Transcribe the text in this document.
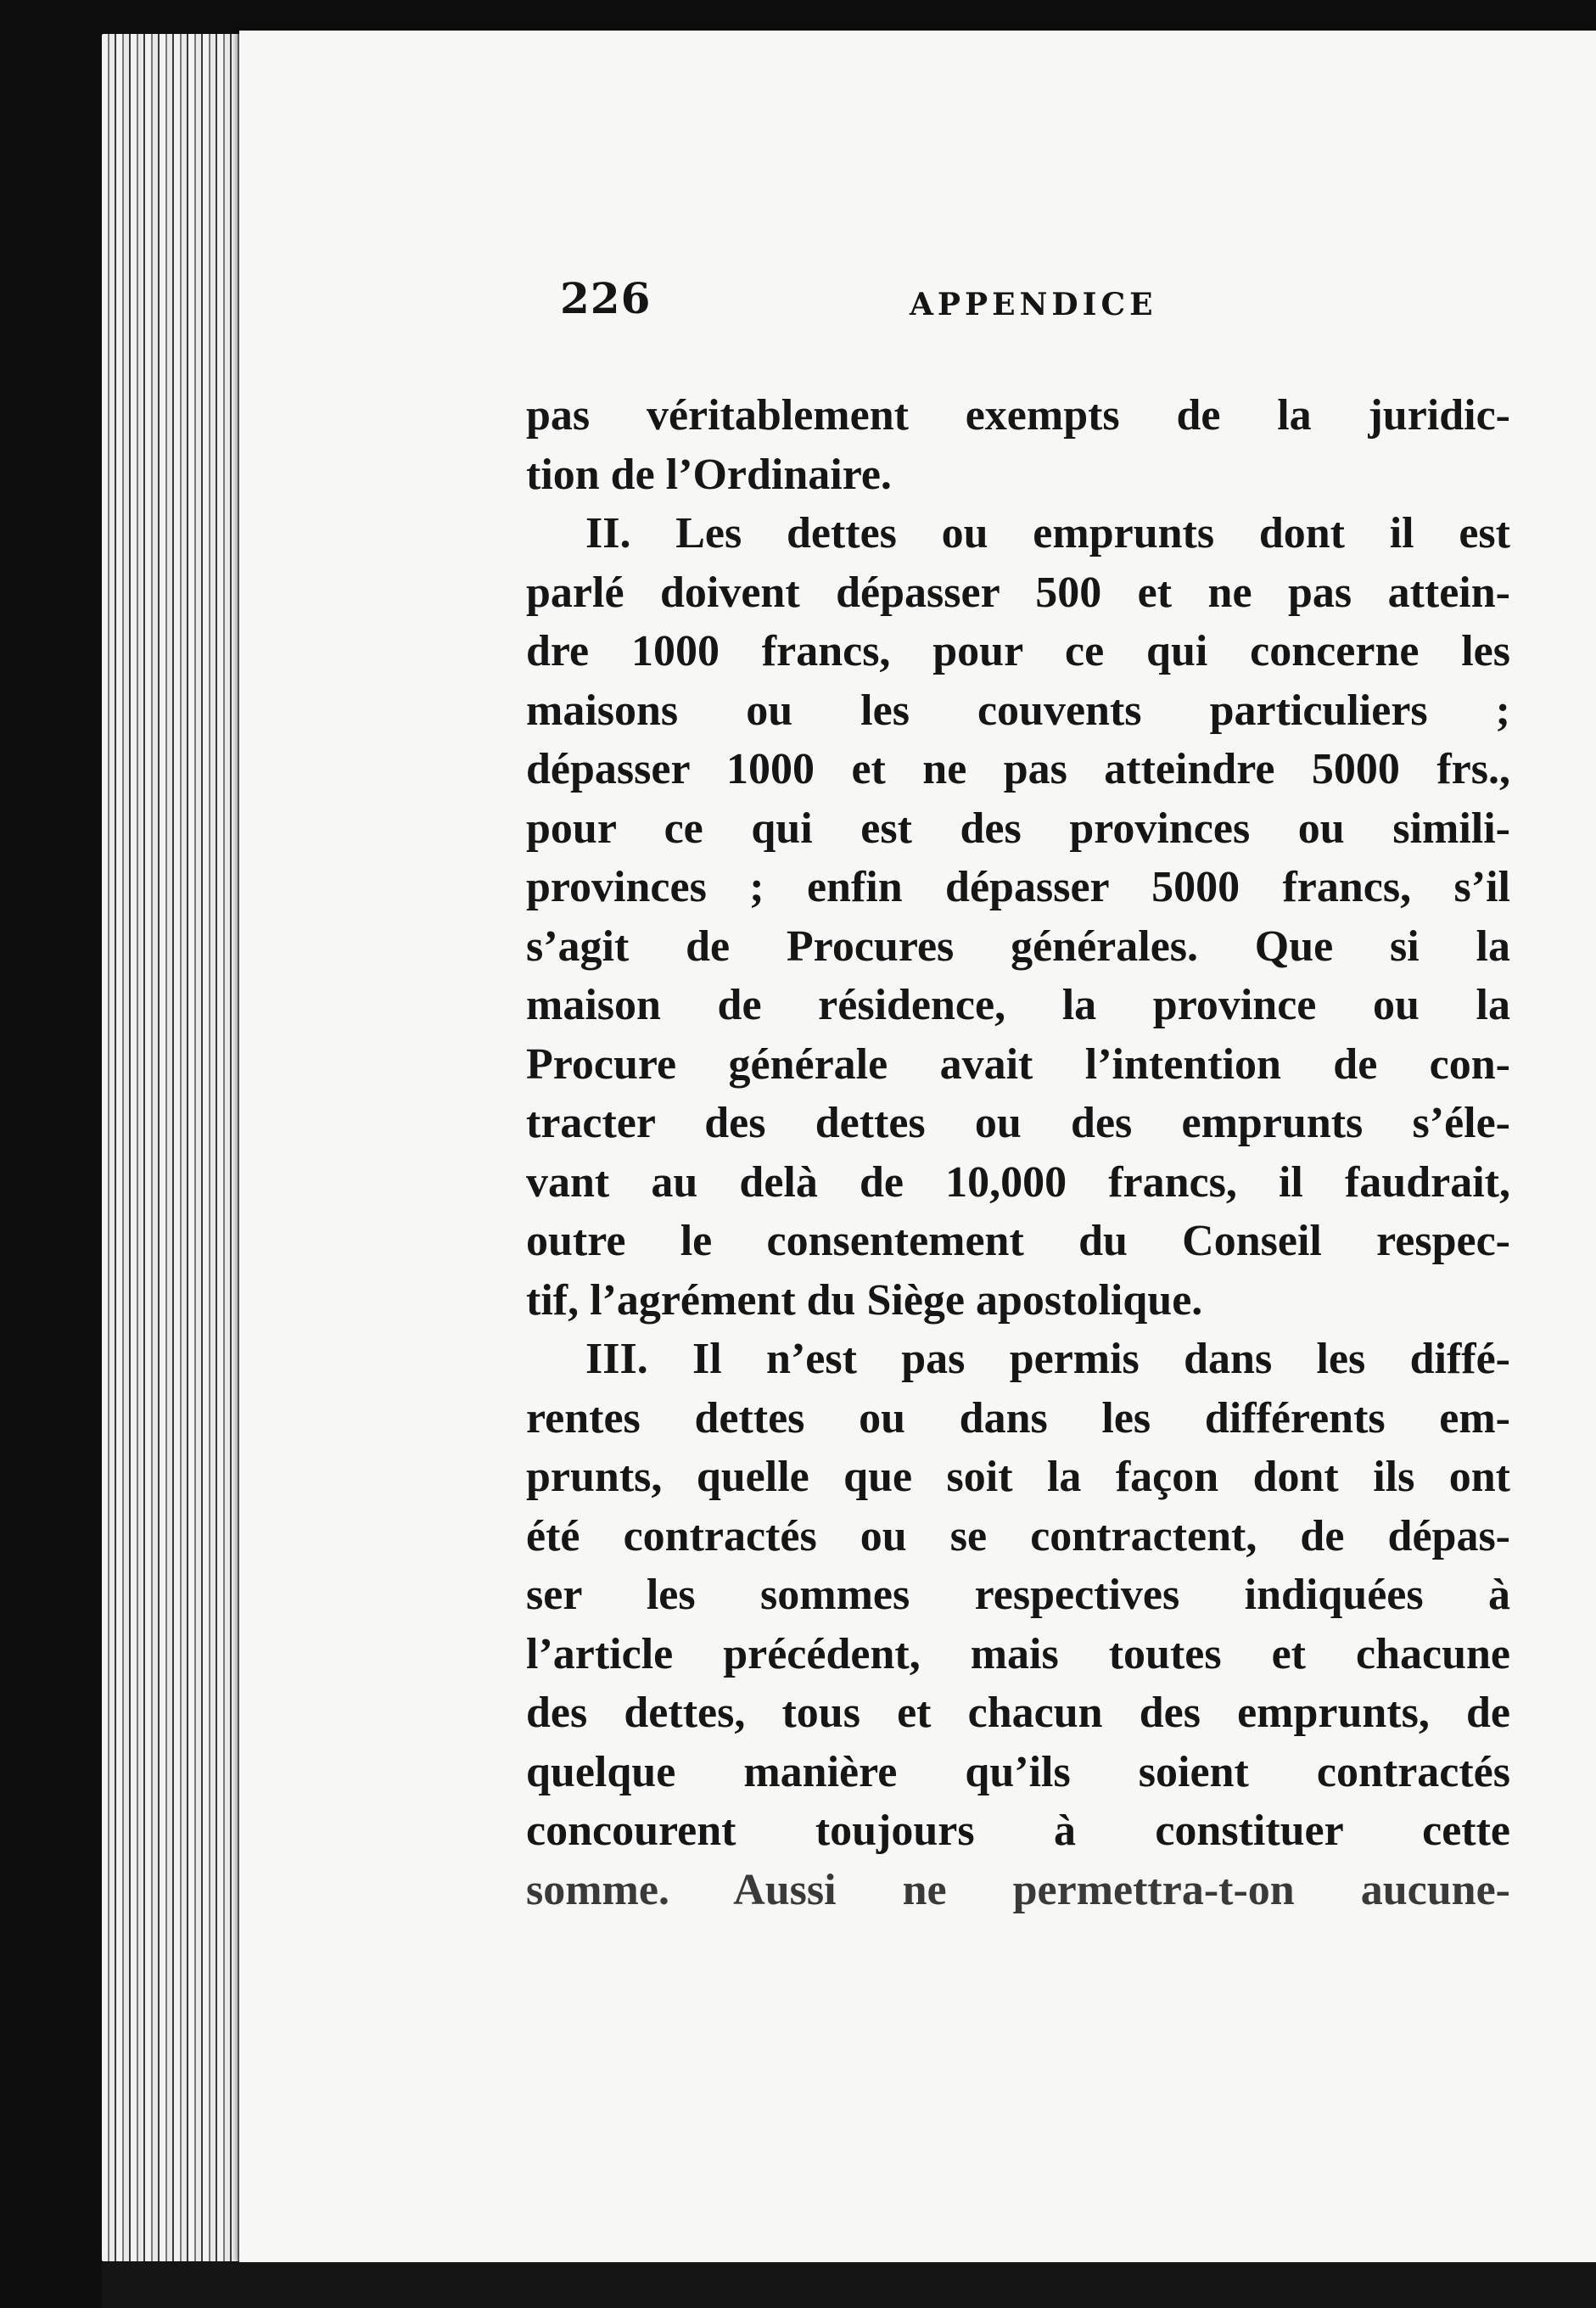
226	APPENDICE
pas véritablement exempts de la juridic-
tion de l’Ordinaire.
II. Les dettes ou emprunts dont il est
parlé doivent dépasser 500 et ne pas attein-
dre 1000 francs, pour ce qui concerne les
maisons ou les couvents particuliers ;
dépasser 1000 et ne pas atteindre 5000 frs.,
pour ce qui est des provinces ou simili-
provinces ; enfin dépasser 5000 francs, s’il
s’agit de Procures générales. Que si la
maison de résidence, la province ou la
Procure générale avait l’intention de con-
tracter des dettes ou des emprunts s’éle-
vant au delà de 10,000 francs, il faudrait,
outre le consentement du Conseil respec-
tif, l’agrément du Siège apostolique.
III. Il n’est pas permis dans les diffé-
rentes dettes ou dans les différents em-
prunts, quelle que soit la façon dont ils ont
été contractés ou se contractent, de dépas-
ser les sommes respectives indiquées à
l’article précédent, mais toutes et chacune
des dettes, tous et chacun des emprunts, de
quelque manière qu’ils soient contractés
concourent toujours à constituer cette
somme. Aussi ne permettra-t-on aucune-
